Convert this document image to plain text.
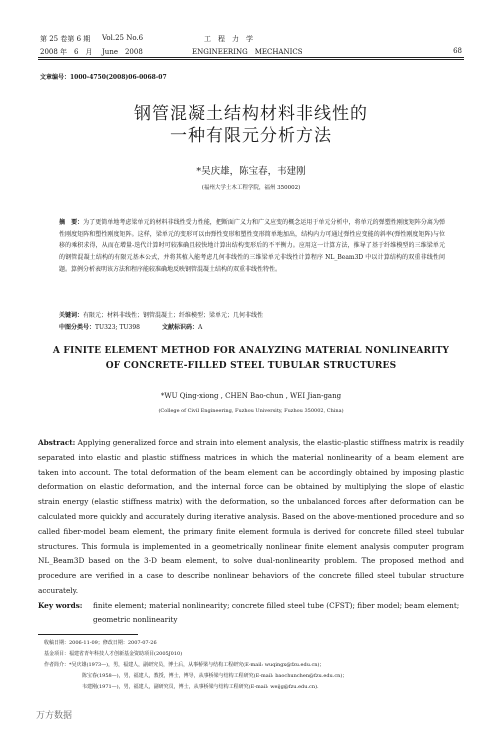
第 25 卷第 6 期 Vol.25 No.6	工　程　力　学
2008 年　6　月 June　2008	ENGINEERING　MECHANICS	68
文章编号：1000-4750(2008)06-0068-07
钢管混凝土结构材料非线性的
一种有限元分析方法
*吴庆雄，陈宝春，韦建刚
(福州大学土木工程学院，福州 350002)
摘　要：为了更简单地考虑梁单元的材料非线性受力性能，把断面广义力和广义应变的概念运用于单元分析中，将单元的弹塑性刚度矩阵分离为弹性刚度矩阵和塑性刚度矩阵。这样，梁单元的变形可以由弹性变形和塑性变形简单地加出，结构内力可通过弹性应变能的斜率(弹性刚度矩阵)与位移的乘积求得，从而在增量-迭代计算时可较准确且较快地计算出结构变形后的不平衡力。应用这一计算方法，推导了基于纤维模型的三维梁单元的钢管混凝土结构的有限元基本公式，并将其植入能考虑几何非线性的三维梁单元非线性计算程序 NL_Beam3D 中以计算结构的双重非线性问题。算例分析表明该方法和程序能较准确地反映钢管混凝土结构的双重非线性特性。
关键词：有限元；材料非线性；钢管混凝土；纤维模型；梁单元；几何非线性
中图分类号：TU323; TU398	文献标识码：A
A FINITE ELEMENT METHOD FOR ANALYZING MATERIAL NONLINEARITY
OF CONCRETE-FILLED STEEL TUBULAR STRUCTURES
*WU Qing-xiong , CHEN Bao-chun , WEI Jian-gang
(College of Civil Engineering, Fuzhou University, Fuzhou 350002, China)
Abstract: Applying generalized force and strain into element analysis, the elastic-plastic stiffness matrix is readily separated into elastic and plastic stiffness matrices in which the material nonlinearity of a beam element are taken into account. The total deformation of the beam element can be accordingly obtained by imposing plastic deformation on elastic deformation, and the internal force can be obtained by multiplying the slope of elastic strain energy (elastic stiffness matrix) with the deformation, so the unbalanced forces after deformation can be calculated more quickly and accurately during iterative analysis. Based on the above-mentioned procedure and so called fiber-model beam element, the primary finite element formula is derived for concrete filled steel tubular structures. This formula is implemented in a geometrically nonlinear finite element analysis computer program NL_Beam3D based on the 3-D beam element, to solve dual-nonlinearity problem. The proposed method and procedure are verified in a case to describe nonlinear behaviors of the concrete filled steel tubular structure accurately.
Key words: finite element; material nonlinearity; concrete filled steel tube (CFST); fiber model; beam element; geometric nonlinearity
收稿日期：2006-11-09；修改日期：2007-07-26
基金项目：福建省青年科技人才创新基金资助项目(2005J010)
作者简介：*吴庆雄(1973—)，男，福建人，副研究员，博士后，从事桥梁与结构工程研究(E-mail: wuqingx@fzu.edu.cn)；
陈宝春(1958—)，男，福建人，教授，博士，博导，从事桥梁与结构工程研究(E-mail: baochunchen@fzu.edu.cn)；
韦建刚(1971—)，男，福建人，副研究员，博士，从事桥梁与结构工程研究(E-mail: weijg@fzu.edu.cn).
万方数据
